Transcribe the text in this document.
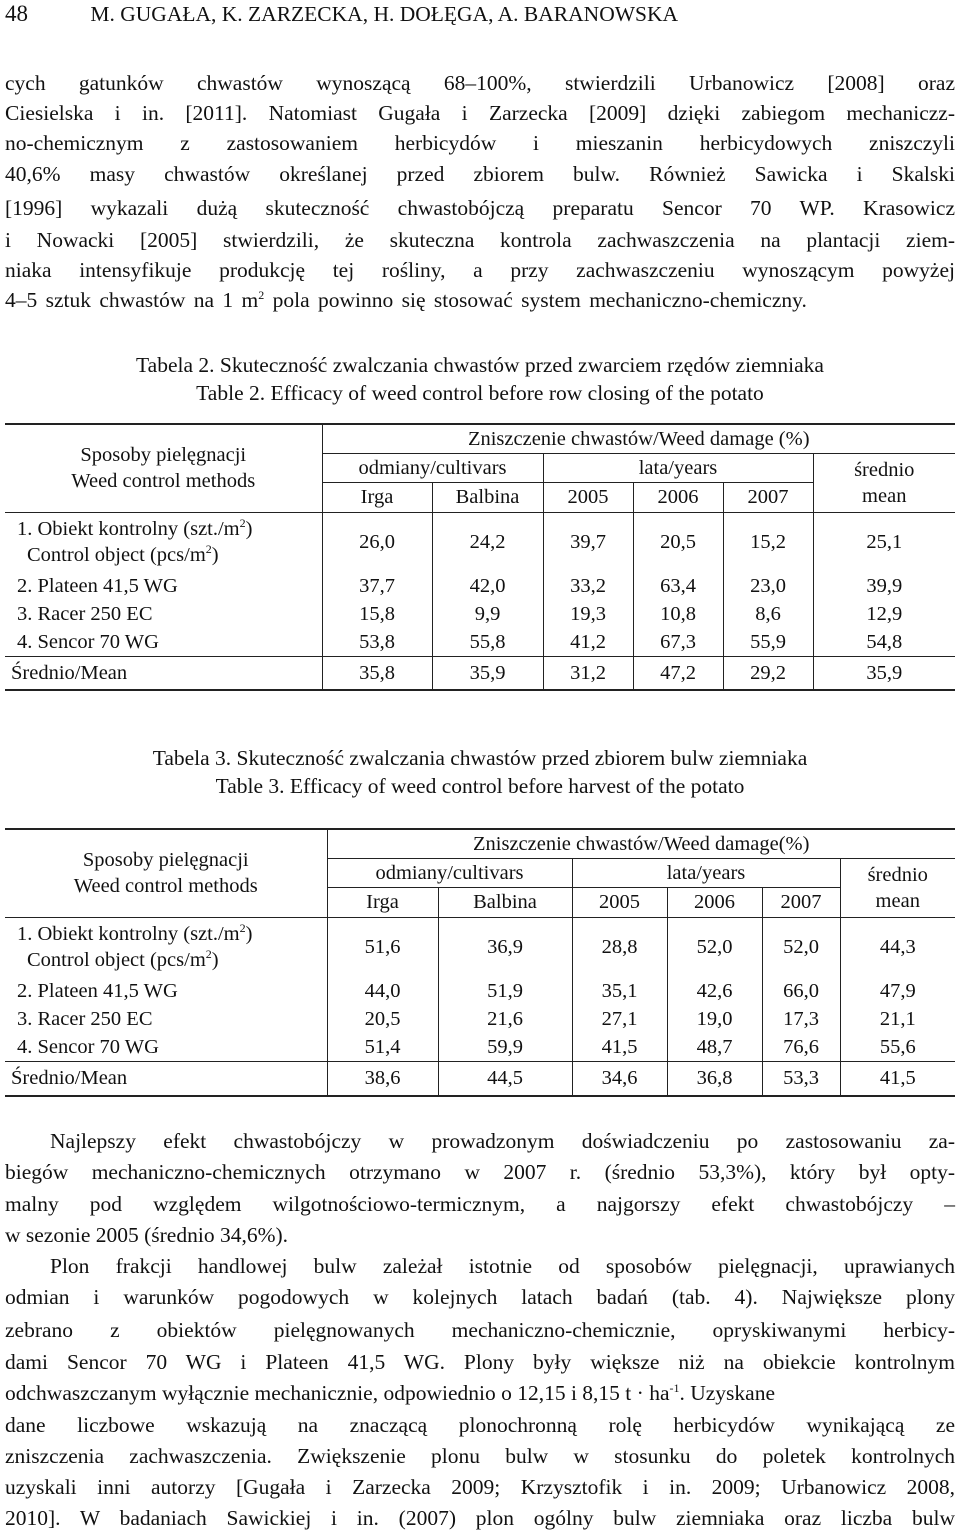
48	M. GUGAŁA, K. ZARZECKA, H. DOŁĘGA, A. BARANOWSKA
cych gatunków chwastów wynoszącą 68–100%, stwierdzili Urbanowicz [2008] oraz
Ciesielska i in. [2011]. Natomiast Gugała i Zarzecka [2009] dzięki zabiegom mechaniczz-
no-chemicznym z zastosowaniem herbicydów i mieszanin herbicydowych zniszczyli
40,6% masy chwastów określanej przed zbiorem bulw. Również Sawicka i Skalski
[1996] wykazali dużą skuteczność chwastobójczą preparatu Sencor 70 WP. Krasowicz
i Nowacki [2005] stwierdzili, że skuteczna kontrola zachwaszczenia na plantacji ziem-
niaka intensyfikuje produkcję tej rośliny, a przy zachwaszczeniu wynoszącym powyżej
4–5 sztuk chwastów na 1 $m^2$ pola powinno się stosować system mechaniczno-chemiczny.
Tabela 2. Skuteczność zwalczania chwastów przed zwarciem rzędów ziemniaka
Table 2. Efficacy of weed control before row closing of the potato
Sposoby pielęgnacji
Weed control methods	Zniszczenie chwastów/Weed damage (%)					
	odmiany/cultivars		lata/years			średnio
mean

	Irga	Balbina	2005	2006	2007	

1. Obiekt kontrolny $(szt./m^2)$
Control object $(pcs/m^2)$	26,0	24,2	39,7	20,5	15,2	25,1
2. Plateen 41,5 WG	37,7	42,0	33,2	63,4	23,0	39,9
3. Racer 250 EC	15,8	9,9	19,3	10,8	8,6	12,9
4. Sencor 70 WG	53,8	55,8	41,2	67,3	55,9	54,8
Średnio/Mean	35,8	35,9	31,2	47,2	29,2	35,9
Tabela 3. Skuteczność zwalczania chwastów przed zbiorem bulw ziemniaka
Table 3. Efficacy of weed control before harvest of the potato
Sposoby pielęgnacji
Weed control methods	Zniszczenie chwastów/Weed damage(%)					
	odmiany/cultivars		lata/years			średnio
mean

	Irga	Balbina	2005	2006	2007	

1. Obiekt kontrolny $(szt./m^2)$
Control object $(pcs/m^2)$	51,6	36,9	28,8	52,0	52,0	44,3
2. Plateen 41,5 WG	44,0	51,9	35,1	42,6	66,0	47,9
3. Racer 250 EC	20,5	21,6	27,1	19,0	17,3	21,1
4. Sencor 70 WG	51,4	59,9	41,5	48,7	76,6	55,6
Średnio/Mean	38,6	44,5	34,6	36,8	53,3	41,5
Najlepszy efekt chwastobójczy w prowadzonym doświadczeniu po zastosowaniu za-
biegów mechaniczno-chemicznych otrzymano w 2007 r. (średnio 53,3%), który był opty-
malny pod względem wilgotnościowo-termicznym, a najgorszy efekt chwastobójczy –
w sezonie 2005 (średnio 34,6%).
Plon frakcji handlowej bulw zależał istotnie od sposobów pielęgnacji, uprawianych
odmian i warunków pogodowych w kolejnych latach badań (tab. 4). Największe plony
zebrano z obiektów pielęgnowanych mechaniczno-chemicznie, opryskiwanymi herbicy-
dami Sencor 70 WG i Plateen 41,5 WG. Plony były większe niż na obiekcie kontrolnym
odchwaszczanym wyłącznie mechanicznie, odpowiednio o 12,15 i 8,15 $t \cdot ha^{-1}$. Uzyskane
dane liczbowe wskazują na znaczącą plonochronną rolę herbicydów wynikającą ze
zniszczenia zachwaszczenia. Zwiększenie plonu bulw w stosunku do poletek kontrolnych
uzyskali inni autorzy [Gugała i Zarzecka 2009; Krzysztofik i in. 2009; Urbanowicz 2008,
2010]. W badaniach Sawickiej i in. (2007) plon ogólny bulw ziemniaka oraz liczba bulw
